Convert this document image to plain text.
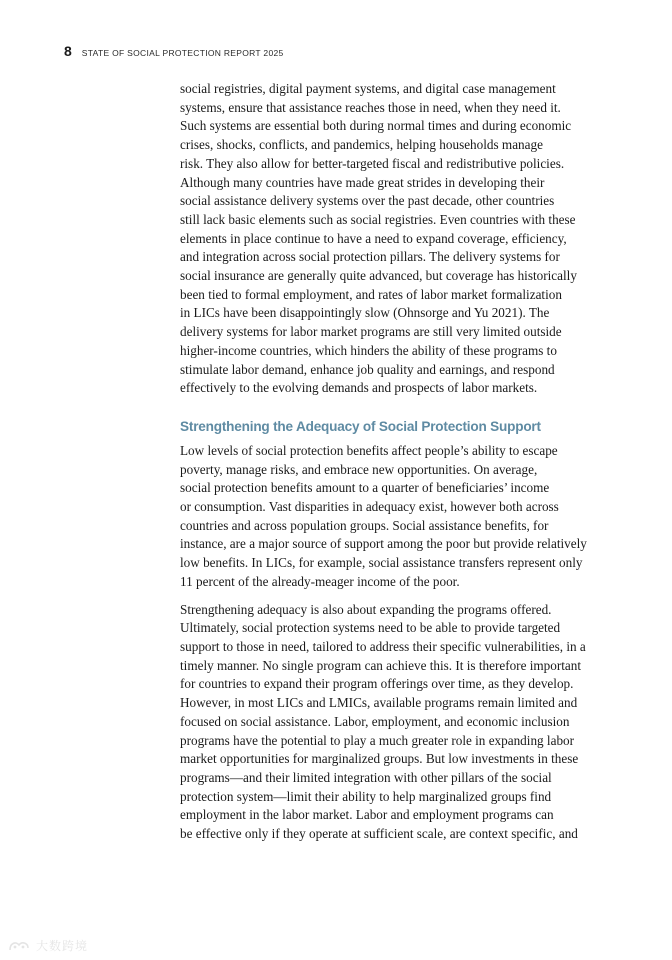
8 STATE OF SOCIAL PROTECTION REPORT 2025

social registries, digital payment systems, and digital case management
systems, ensure that assistance reaches those in need, when they need it.
Such systems are essential both during normal times and during economic
crises, shocks, conflicts, and pandemics, helping households manage
risk. They also allow for better-targeted fiscal and redistributive policies.
Although many countries have made great strides in developing their
social assistance delivery systems over the past decade, other countries
still lack basic elements such as social registries. Even countries with these
elements in place continue to have a need to expand coverage, efficiency,
and integration across social protection pillars. The delivery systems for
social insurance are generally quite advanced, but coverage has historically
been tied to formal employment, and rates of labor market formalization
in LICs have been disappointingly slow (Ohnsorge and Yu 2021). The
delivery systems for labor market programs are still very limited outside
higher-income countries, which hinders the ability of these programs to
stimulate labor demand, enhance job quality and earnings, and respond
effectively to the evolving demands and prospects of labor markets.

Strengthening the Adequacy of Social Protection Support

Low levels of social protection benefits affect people’s ability to escape
poverty, manage risks, and embrace new opportunities. On average,
social protection benefits amount to a quarter of beneficiaries’ income
or consumption. Vast disparities in adequacy exist, however both across
countries and across population groups. Social assistance benefits, for
instance, are a major source of support among the poor but provide relatively
low benefits. In LICs, for example, social assistance transfers represent only
11 percent of the already-meager income of the poor.

Strengthening adequacy is also about expanding the programs offered.
Ultimately, social protection systems need to be able to provide targeted
support to those in need, tailored to address their specific vulnerabilities, in a
timely manner. No single program can achieve this. It is therefore important
for countries to expand their program offerings over time, as they develop.
However, in most LICs and LMICs, available programs remain limited and
focused on social assistance. Labor, employment, and economic inclusion
programs have the potential to play a much greater role in expanding labor
market opportunities for marginalized groups. But low investments in these
programs—and their limited integration with other pillars of the social
protection system—limit their ability to help marginalized groups find
employment in the labor market. Labor and employment programs can
be effective only if they operate at sufficient scale, are context specific, and

大数跨境
